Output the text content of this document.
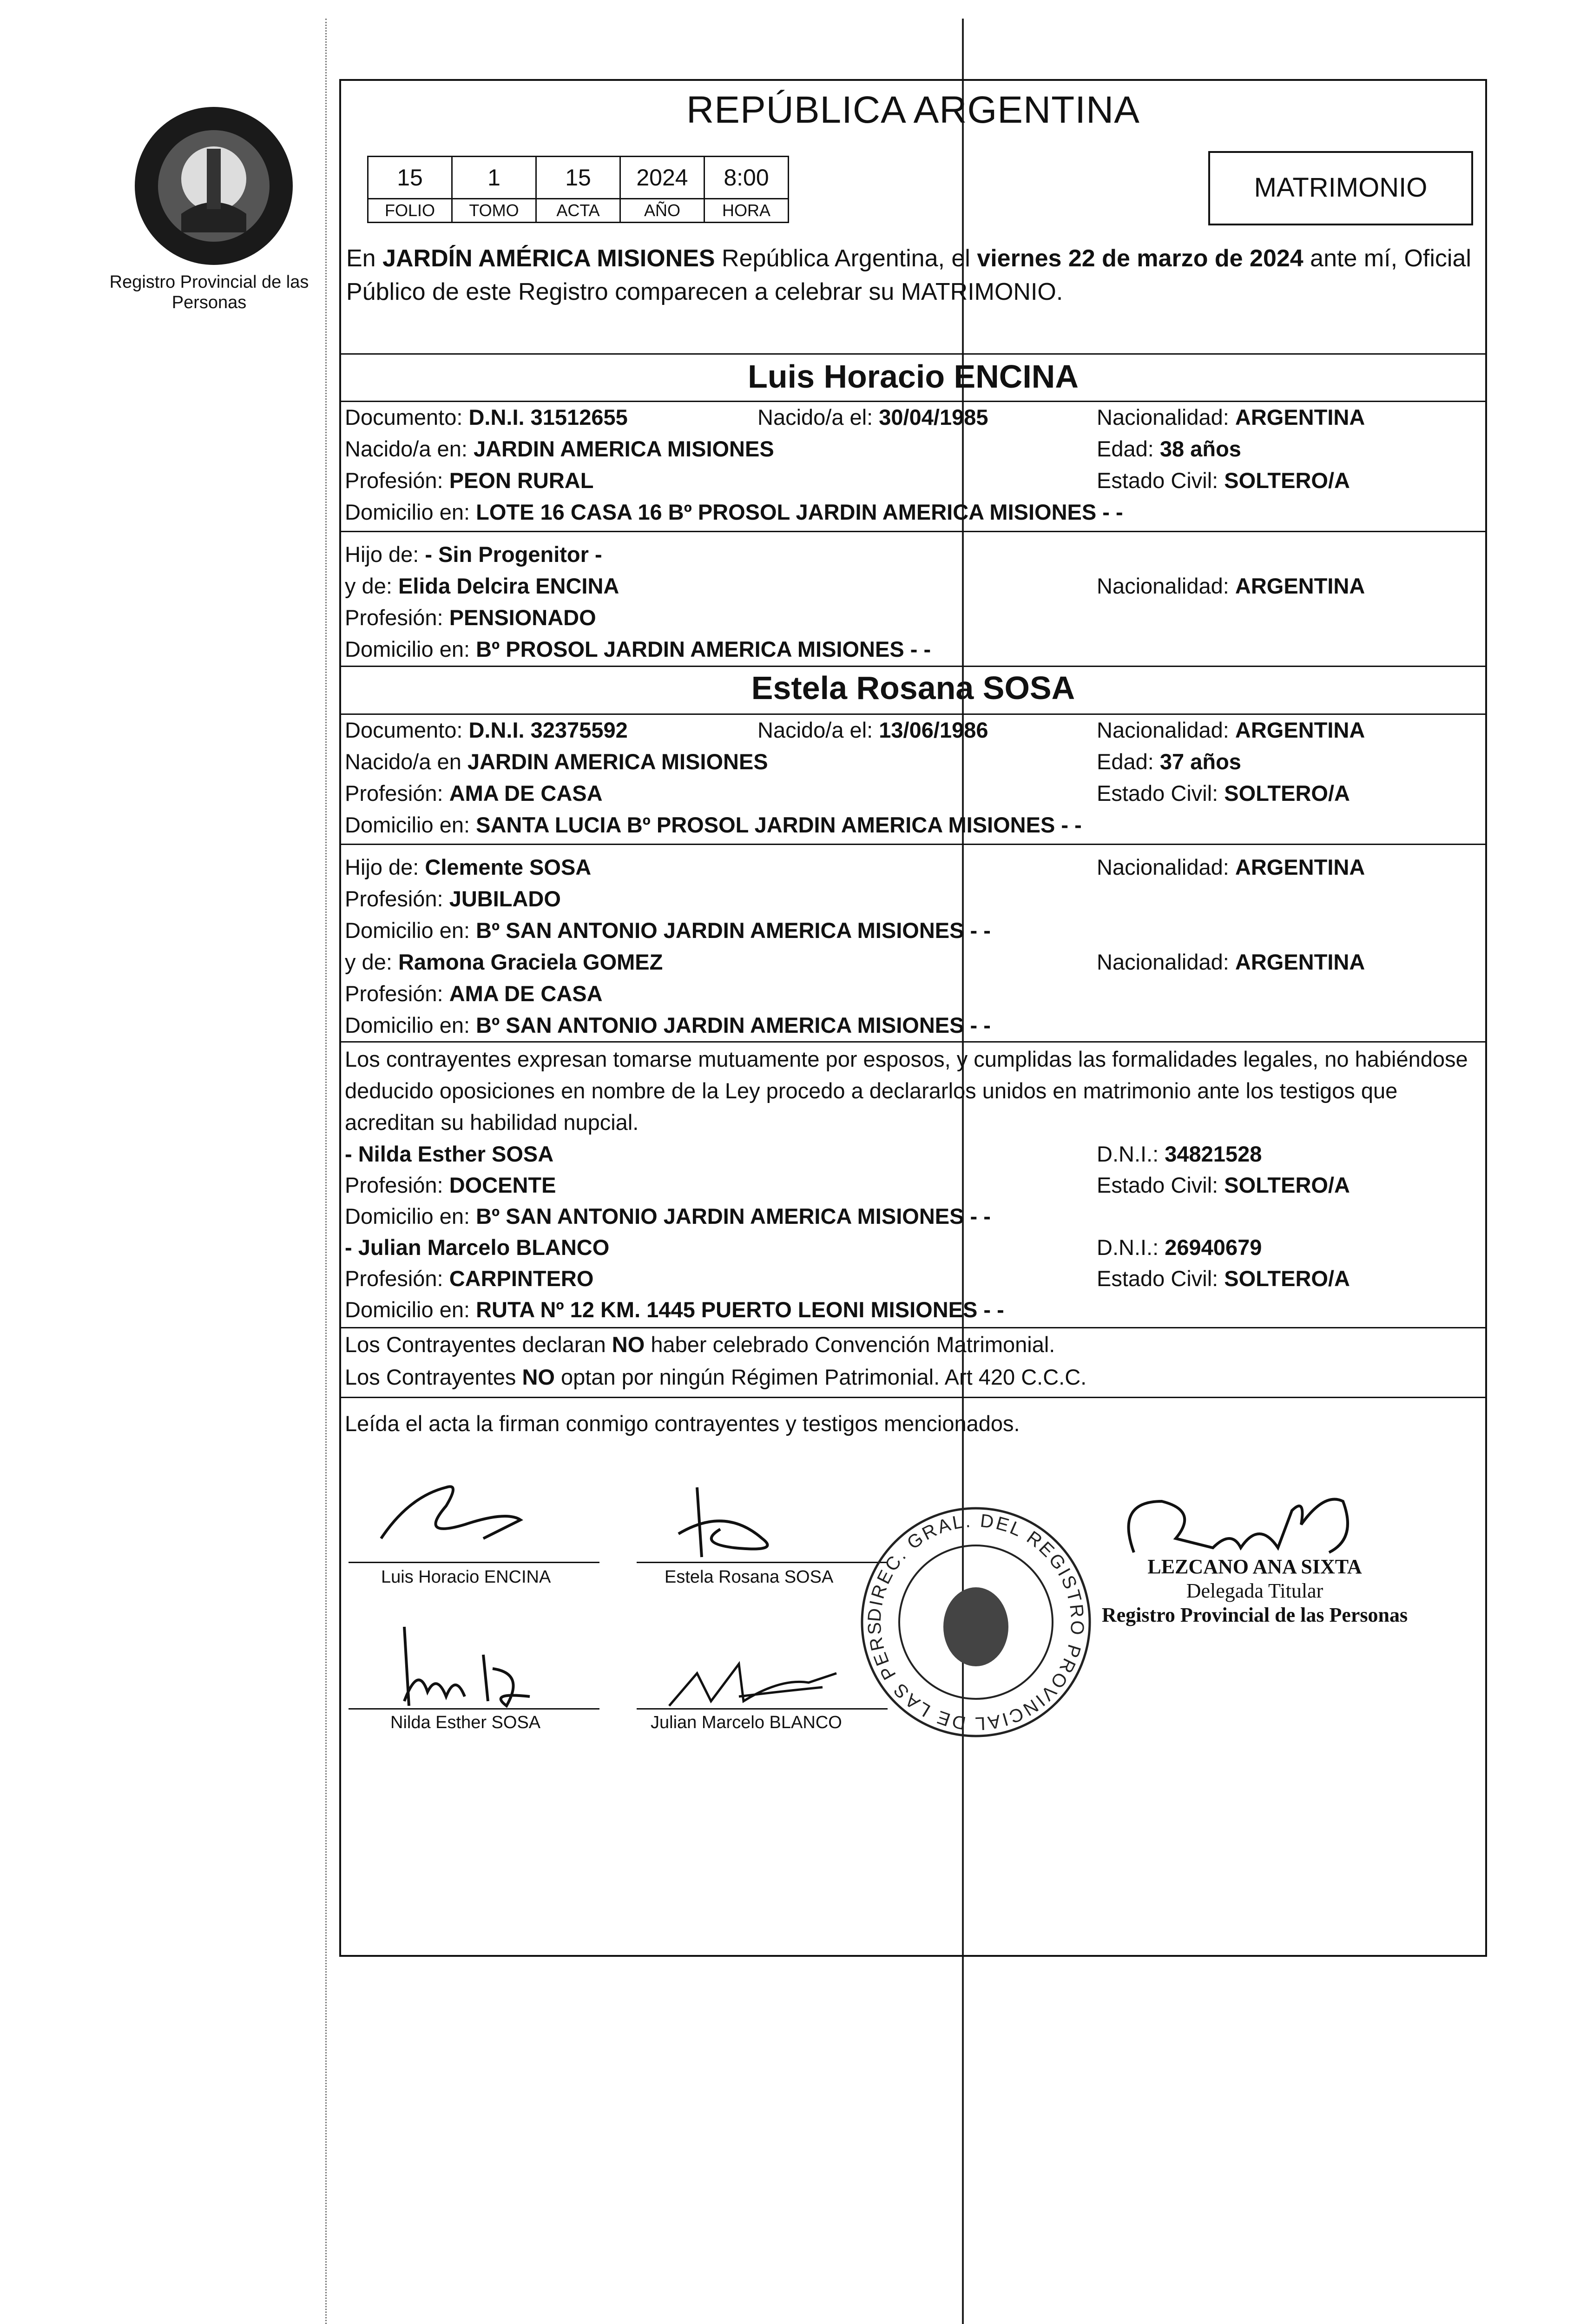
Registro Provincial de las Personas
REPÚBLICA ARGENTINA
15	1	15	2024	8:00
FOLIO	TOMO	ACTA	AÑO	HORA
MATRIMONIO
En JARDÍN AMÉRICA MISIONES República Argentina, el viernes 22 de marzo de 2024 ante mí, Oficial Público de este Registro comparecen a celebrar su MATRIMONIO.
Luis Horacio ENCINA
Documento: D.N.I. 31512655	Nacido/a el: 30/04/1985	Nacionalidad: ARGENTINA
Nacido/a en: JARDIN AMERICA MISIONES	Edad: 38 años
Profesión: PEON RURAL	Estado Civil: SOLTERO/A
Domicilio en: LOTE 16 CASA 16 Bº PROSOL JARDIN AMERICA MISIONES - -
Hijo de: - Sin Progenitor -
y de: Elida Delcira ENCINA	Nacionalidad: ARGENTINA
Profesión: PENSIONADO
Domicilio en: Bº PROSOL JARDIN AMERICA MISIONES - -
Estela Rosana SOSA
Documento: D.N.I. 32375592	Nacido/a el: 13/06/1986	Nacionalidad: ARGENTINA
Nacido/a en JARDIN AMERICA MISIONES	Edad: 37 años
Profesión: AMA DE CASA	Estado Civil: SOLTERO/A
Domicilio en: SANTA LUCIA Bº PROSOL JARDIN AMERICA MISIONES - -
Hijo de: Clemente SOSA	Nacionalidad: ARGENTINA
Profesión: JUBILADO
Domicilio en: Bº SAN ANTONIO JARDIN AMERICA MISIONES - -
y de: Ramona Graciela GOMEZ	Nacionalidad: ARGENTINA
Profesión: AMA DE CASA
Domicilio en: Bº SAN ANTONIO JARDIN AMERICA MISIONES - -
Los contrayentes expresan tomarse mutuamente por esposos, y cumplidas las formalidades legales, no habiéndose deducido oposiciones en nombre de la Ley procedo a declararlos unidos en matrimonio ante los testigos que acreditan su habilidad nupcial.
- Nilda Esther SOSA	D.N.I.: 34821528
Profesión: DOCENTE	Estado Civil: SOLTERO/A
Domicilio en: Bº SAN ANTONIO JARDIN AMERICA MISIONES - -
- Julian Marcelo BLANCO	D.N.I.: 26940679
Profesión: CARPINTERO	Estado Civil: SOLTERO/A
Domicilio en: RUTA Nº 12 KM. 1445 PUERTO LEONI MISIONES - -
Los Contrayentes declaran NO haber celebrado Convención Matrimonial.
Los Contrayentes NO optan por ningún Régimen Patrimonial. Art 420 C.C.C.
Leída el acta la firman conmigo contrayentes y testigos mencionados.
Luis Horacio ENCINA	Estela Rosana SOSA
Nilda Esther SOSA	Julian Marcelo BLANCO
DIREC. GRAL. DEL REGISTRO PROVINCIAL DE LAS PERS
LEZCANO ANA SIXTA
Delegada Titular
Registro Provincial de las Personas
